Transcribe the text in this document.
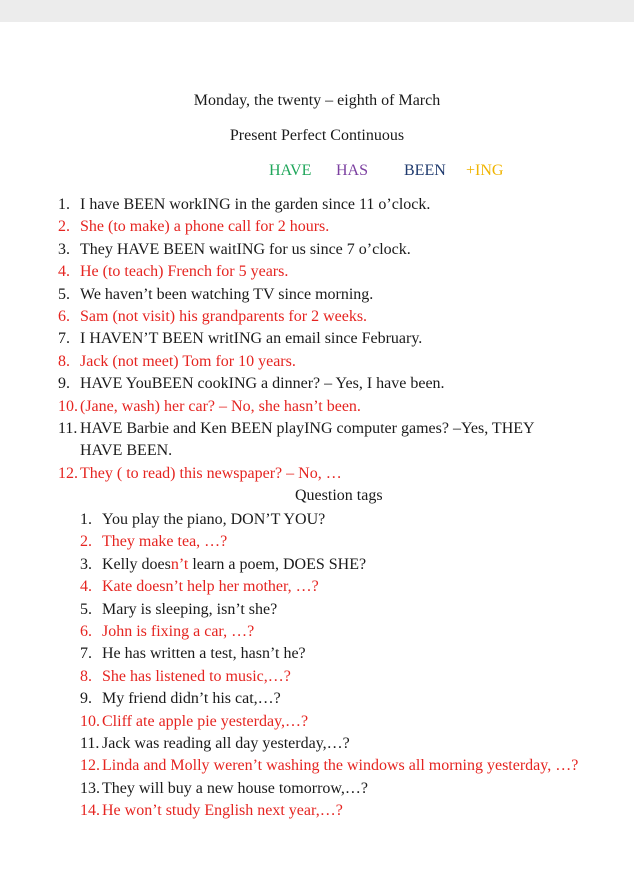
Monday, the twenty – eighth of March
Present Perfect Continuous
HAVE HAS BEEN +ING
1. I have BEEN workING in the garden since 11 o’clock.
2. She (to make) a phone call for 2 hours.
3. They HAVE BEEN waitING for us since 7 o’clock.
4. He (to teach) French for 5 years.
5. We haven’t been watching TV since morning.
6. Sam (not visit) his grandparents for 2 weeks.
7. I HAVEN’T BEEN writING an email since February.
8. Jack (not meet) Tom for 10 years.
9. HAVE YouBEEN cookING a dinner? – Yes, I have been.
10. (Jane, wash) her car? – No, she hasn’t been.
11. HAVE Barbie and Ken BEEN playING computer games? –Yes, THEY HAVE BEEN.
12. They ( to read) this newspaper? – No, …
Question tags
1. You play the piano, DON’T YOU?
2. They make tea, …?
3. Kelly doesn’t learn a poem, DOES SHE?
4. Kate doesn’t help her mother, …?
5. Mary is sleeping, isn’t she?
6. John is fixing a car, …?
7. He has written a test, hasn’t he?
8. She has listened to music,…?
9. My friend didn’t his cat,…?
10. Cliff ate apple pie yesterday,…?
11. Jack was reading all day yesterday,…?
12. Linda and Molly weren’t washing the windows all morning yesterday, …?
13. They will buy a new house tomorrow,…?
14. He won’t study English next year,…?
